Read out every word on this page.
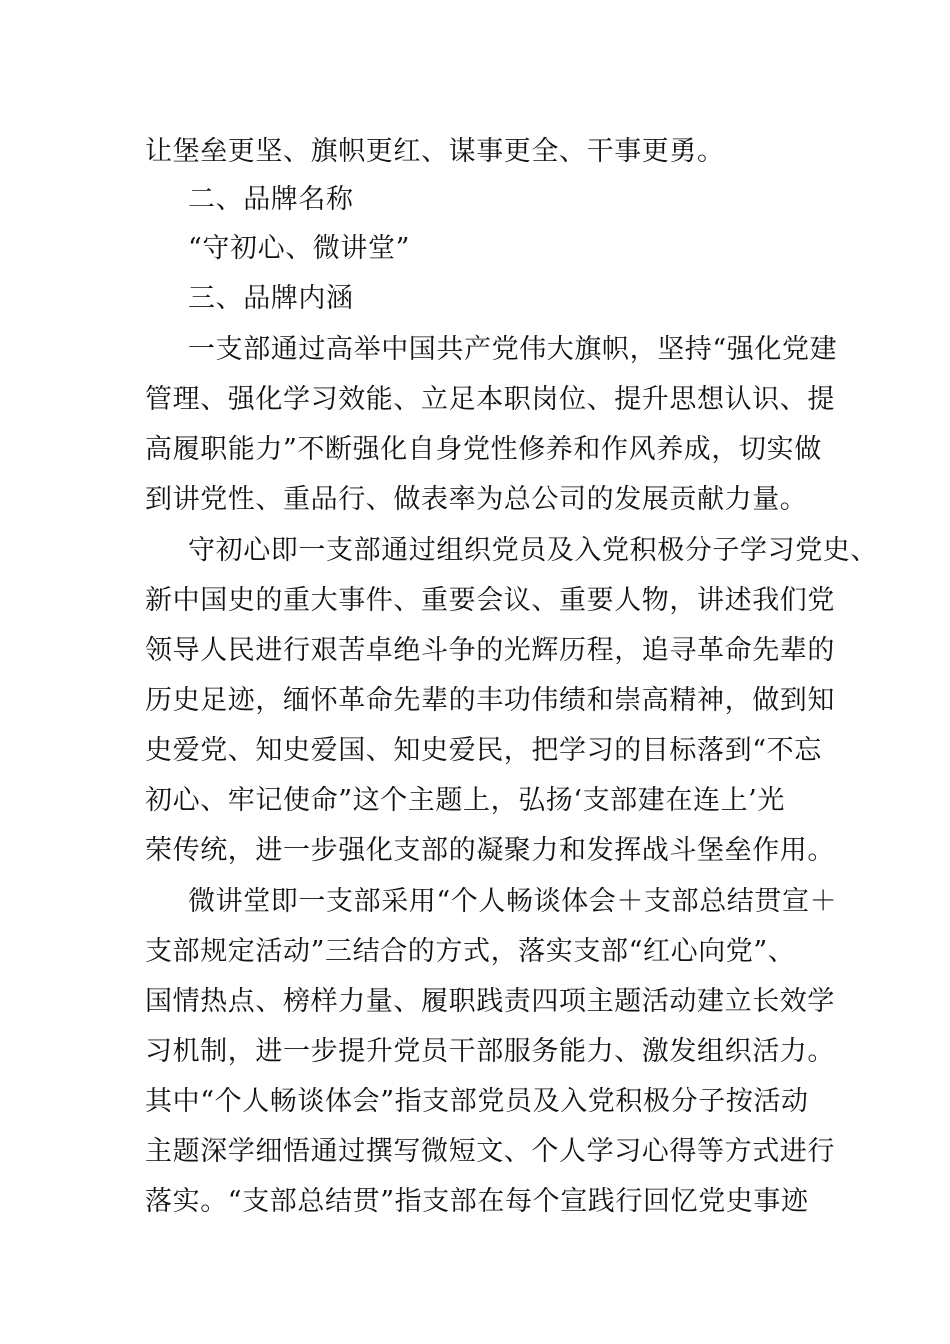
让堡垒更坚、旗帜更红、谋事更全、干事更勇。
二、品牌名称
“守初心、微讲堂”
三、品牌内涵
一支部通过高举中国共产党伟大旗帜，坚持“强化党建
管理、强化学习效能、立足本职岗位、提升思想认识、提
高履职能力”不断强化自身党性修养和作风养成，切实做
到讲党性、重品行、做表率为总公司的发展贡献力量。
守初心即一支部通过组织党员及入党积极分子学习党史、
新中国史的重大事件、重要会议、重要人物，讲述我们党
领导人民进行艰苦卓绝斗争的光辉历程，追寻革命先辈的
历史足迹，缅怀革命先辈的丰功伟绩和崇高精神，做到知
史爱党、知史爱国、知史爱民，把学习的目标落到“不忘
初心、牢记使命”这个主题上，弘扬‘支部建在连上’光
荣传统，进一步强化支部的凝聚力和发挥战斗堡垒作用。
微讲堂即一支部采用“个人畅谈体会＋支部总结贯宣＋
支部规定活动”三结合的方式，落实支部“红心向党”、
国情热点、榜样力量、履职践责四项主题活动建立长效学
习机制，进一步提升党员干部服务能力、激发组织活力。
其中“个人畅谈体会”指支部党员及入党积极分子按活动
主题深学细悟通过撰写微短文、个人学习心得等方式进行
落实。“支部总结贯”指支部在每个宣践行回忆党史事迹
